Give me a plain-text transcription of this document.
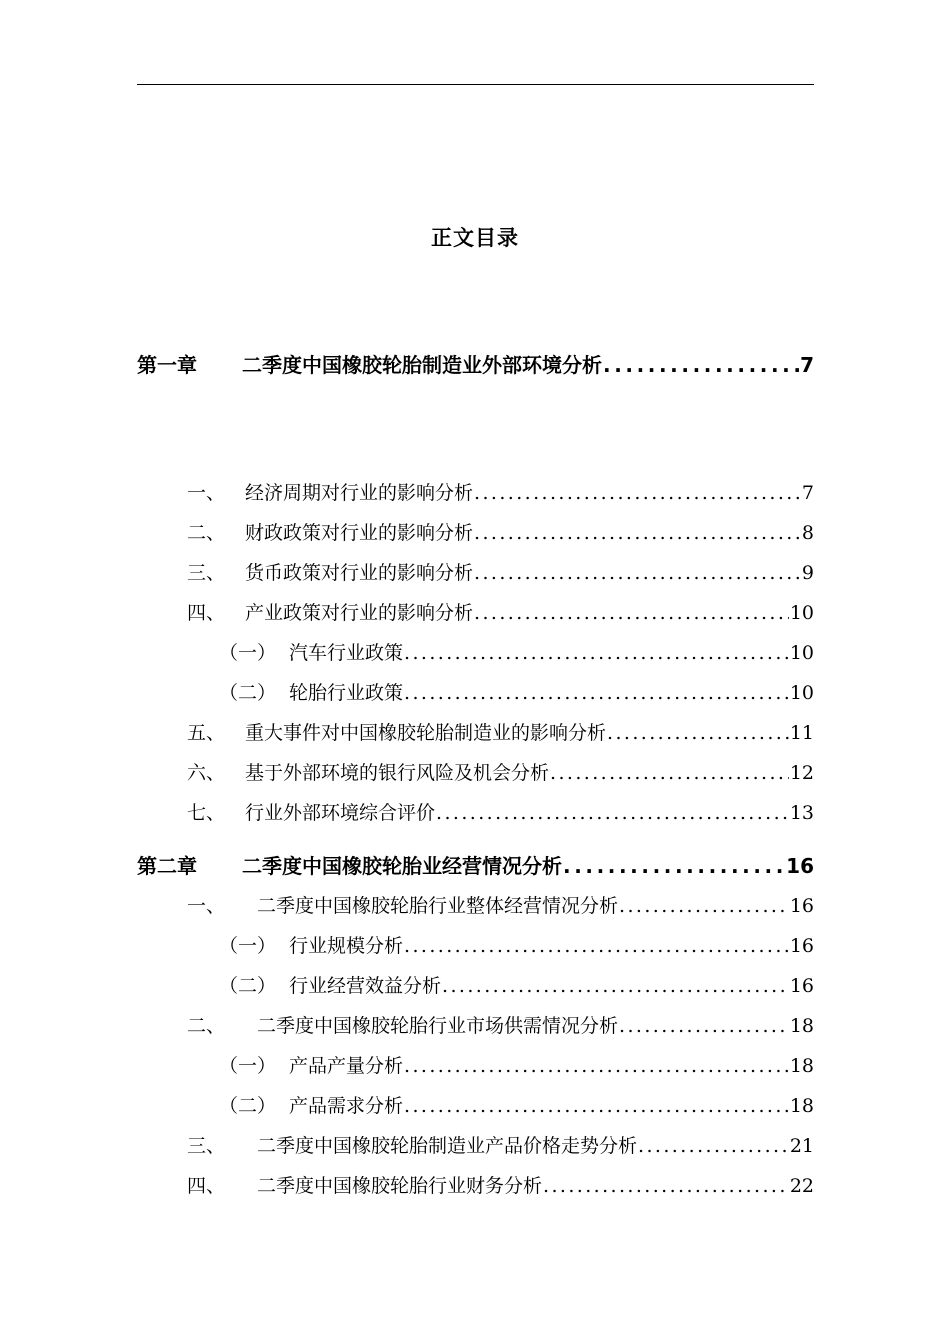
正文目录
第一章	二季度中国橡胶轮胎制造业外部环境分析 .....	7
一、	经济周期对行业的影响分析 .....	7
二、	财政政策对行业的影响分析 .....	8
三、	货币政策对行业的影响分析 .....	9
四、	产业政策对行业的影响分析 .....	10
（一） 汽车行业政策 .....	10
（二） 轮胎行业政策 .....	10
五、	重大事件对中国橡胶轮胎制造业的影响分析 .....	11
六、	基于外部环境的银行风险及机会分析 .....	12
七、	行业外部环境综合评价 .....	13
第二章	二季度中国橡胶轮胎业经营情况分析 .....	16
一、	二季度中国橡胶轮胎行业整体经营情况分析 .....	16
（一） 行业规模分析 .....	16
（二） 行业经营效益分析 .....	16
二、	二季度中国橡胶轮胎行业市场供需情况分析 .....	18
（一） 产品产量分析 .....	18
（二） 产品需求分析 .....	18
三、	二季度中国橡胶轮胎制造业产品价格走势分析 .....	21
四、	二季度中国橡胶轮胎行业财务分析 .....	22
